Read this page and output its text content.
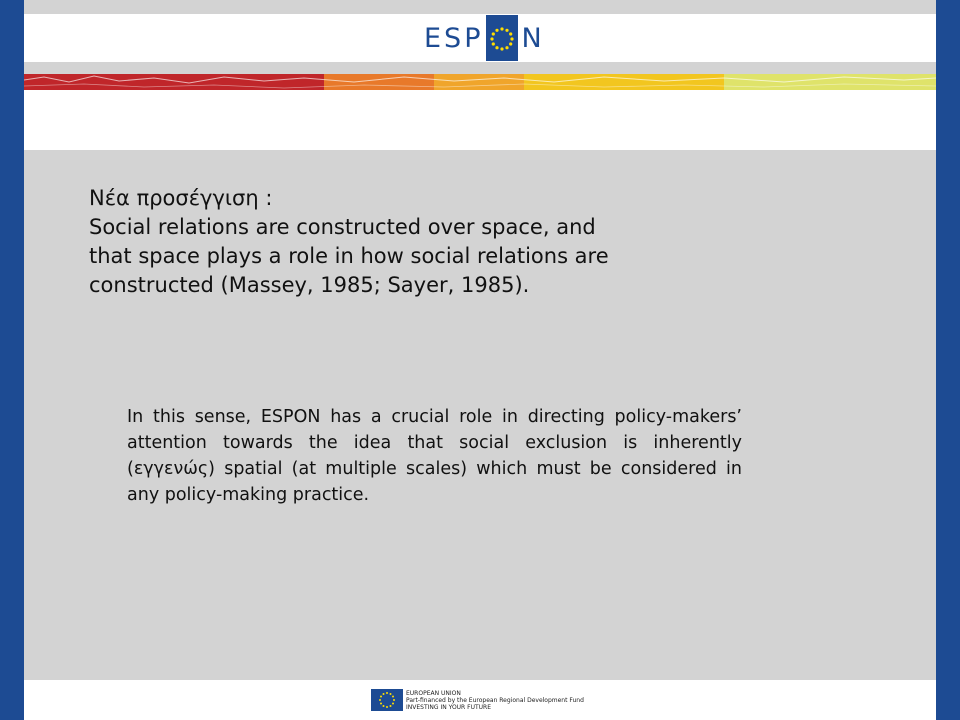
ESP N
Νέα προσέγγιση :
Social relations are constructed over space, and
that space plays a role in how social relations are
constructed (Massey, 1985; Sayer, 1985).
In this sense, ESPON has a crucial role in directing policy-makers’ attention towards the idea that social exclusion is inherently (εγγενώς) spatial (at multiple scales) which must be considered in any policy-making practice.
EUROPEAN UNION
Part-financed by the European Regional Development Fund
INVESTING IN YOUR FUTURE
